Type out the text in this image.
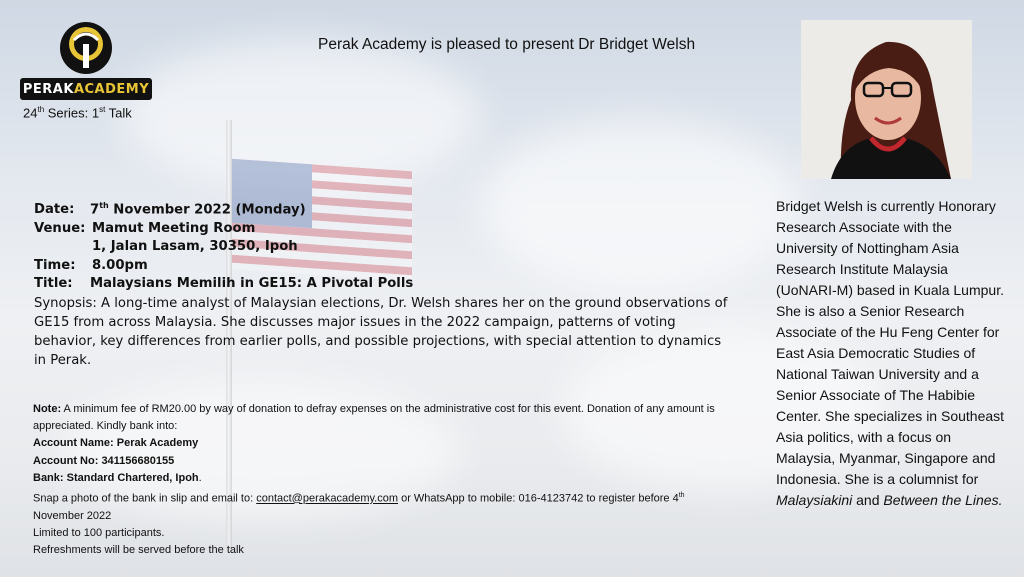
PERAK ACADEMY
24th Series: 1st Talk
Perak Academy is pleased to present Dr Bridget Welsh
Date: 7th November 2022 (Monday)
Venue: Mamut Meeting Room
1, Jalan Lasam, 30350, Ipoh
Time: 8.00pm
Title: Malaysians Memilih in GE15: A Pivotal Polls

Synopsis: A long-time analyst of Malaysian elections, Dr. Welsh shares her on the ground observations of GE15 from across Malaysia. She discusses major issues in the 2022 campaign, patterns of voting behavior, key differences from earlier polls, and possible projections, with special attention to dynamics in Perak.

Note: A minimum fee of RM20.00 by way of donation to defray expenses on the administrative cost for this event. Donation of any amount is appreciated. Kindly bank into:
Account Name: Perak Academy
Account No: 341156680155
Bank: Standard Chartered, Ipoh.
Snap a photo of the bank in slip and email to: contact@perakacademy.com or WhatsApp to mobile: 016-4123742 to register before 4th November 2022
Limited to 100 participants.
Refreshments will be served before the talk
Bridget Welsh is currently Honorary Research Associate with the University of Nottingham Asia Research Institute Malaysia (UoNARI-M) based in Kuala Lumpur. She is also a Senior Research Associate of the Hu Feng Center for East Asia Democratic Studies of National Taiwan University and a Senior Associate of The Habibie Center. She specializes in Southeast Asia politics, with a focus on Malaysia, Myanmar, Singapore and Indonesia. She is a columnist for Malaysiakini and Between the Lines.
